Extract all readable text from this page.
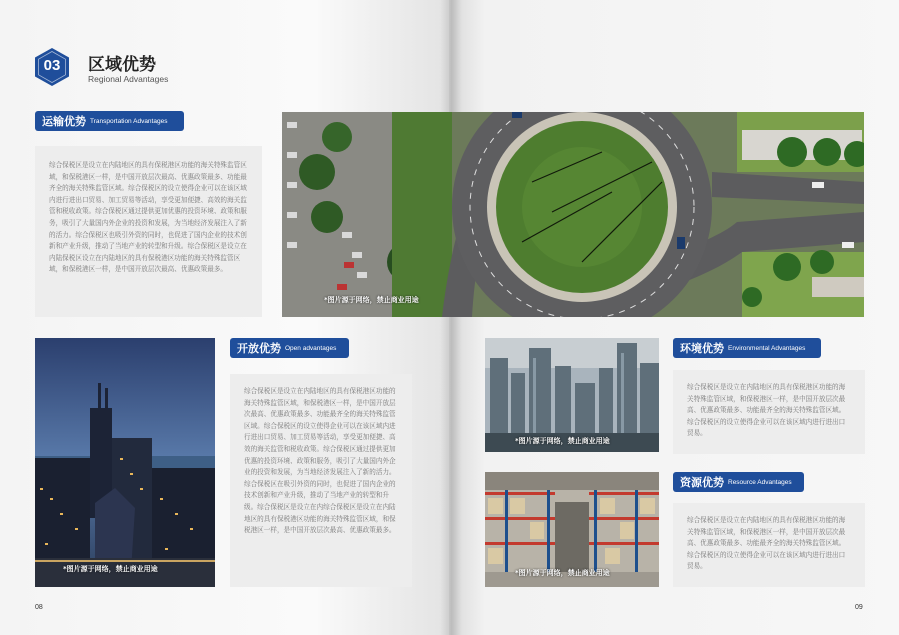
03	区域优势
Regional Advantages
运输优势 Transportation Advantages

综合保税区是设立在内陆地区的具有保税港区功能的海关特殊监管区域，和保税港区一样，是中国开放层次最高、优惠政策最多、功能最齐全的海关特殊监管区域。综合保税区的设立使得企业可以在该区域内进行进出口贸易、加工贸易等活动，享受更加便捷、高效的海关监管和税收政策。综合保税区通过提供更加优惠的投资环境、政策和服务，吸引了大量国内外企业的投资和发展，为当地经济发展注入了新的活力。综合保税区也吸引外资的同时，也促进了国内企业的技术创新和产业升级，推动了当地产业的转型和升级。综合保税区是设立在内陆保税区设立在内陆地区的具有保税港区功能的海关特殊监管区域，和保税港区一样，是中国开放层次最高、优惠政策最多。

*图片源于网络，禁止商业用途
*图片源于网络，禁止商业用途
开放优势 Open advantages

综合保税区是设立在内陆地区的具有保税港区功能的海关特殊监管区域，和保税港区一样，是中国开放层次最高、优惠政策最多、功能最齐全的海关特殊监管区域。综合保税区的设立使得企业可以在该区域内进行进出口贸易、加工贸易等活动，享受更加便捷、高效的海关监管和税收政策。综合保税区通过提供更加优惠的投资环境、政策和服务，吸引了大量国内外企业的投资和发展，为当地经济发展注入了新的活力。综合保税区在吸引外资的同时，也促进了国内企业的技术创新和产业升级，推动了当地产业的转型和升级。综合保税区是设立在内综合保税区是设立在内陆地区的具有保税港区功能的海关特殊监管区域，和保税港区一样，是中国开放层次最高、优惠政策最多。

*图片源于网络，禁止商业用途
环境优势 Environmental Advantages

综合保税区是设立在内陆地区的具有保税港区功能的海关特殊监管区域，和保税港区一样，是中国开放层次最高、优惠政策最多、功能最齐全的海关特殊监管区域。综合保税区的设立使得企业可以在该区域内进行进出口贸易。

*图片源于网络，禁止商业用途
资源优势 Resource Advantages

综合保税区是设立在内陆地区的具有保税港区功能的海关特殊监管区域，和保税港区一样，是中国开放层次最高、优惠政策最多、功能最齐全的海关特殊监管区域。综合保税区的设立使得企业可以在该区域内进行进出口贸易。

08	09
